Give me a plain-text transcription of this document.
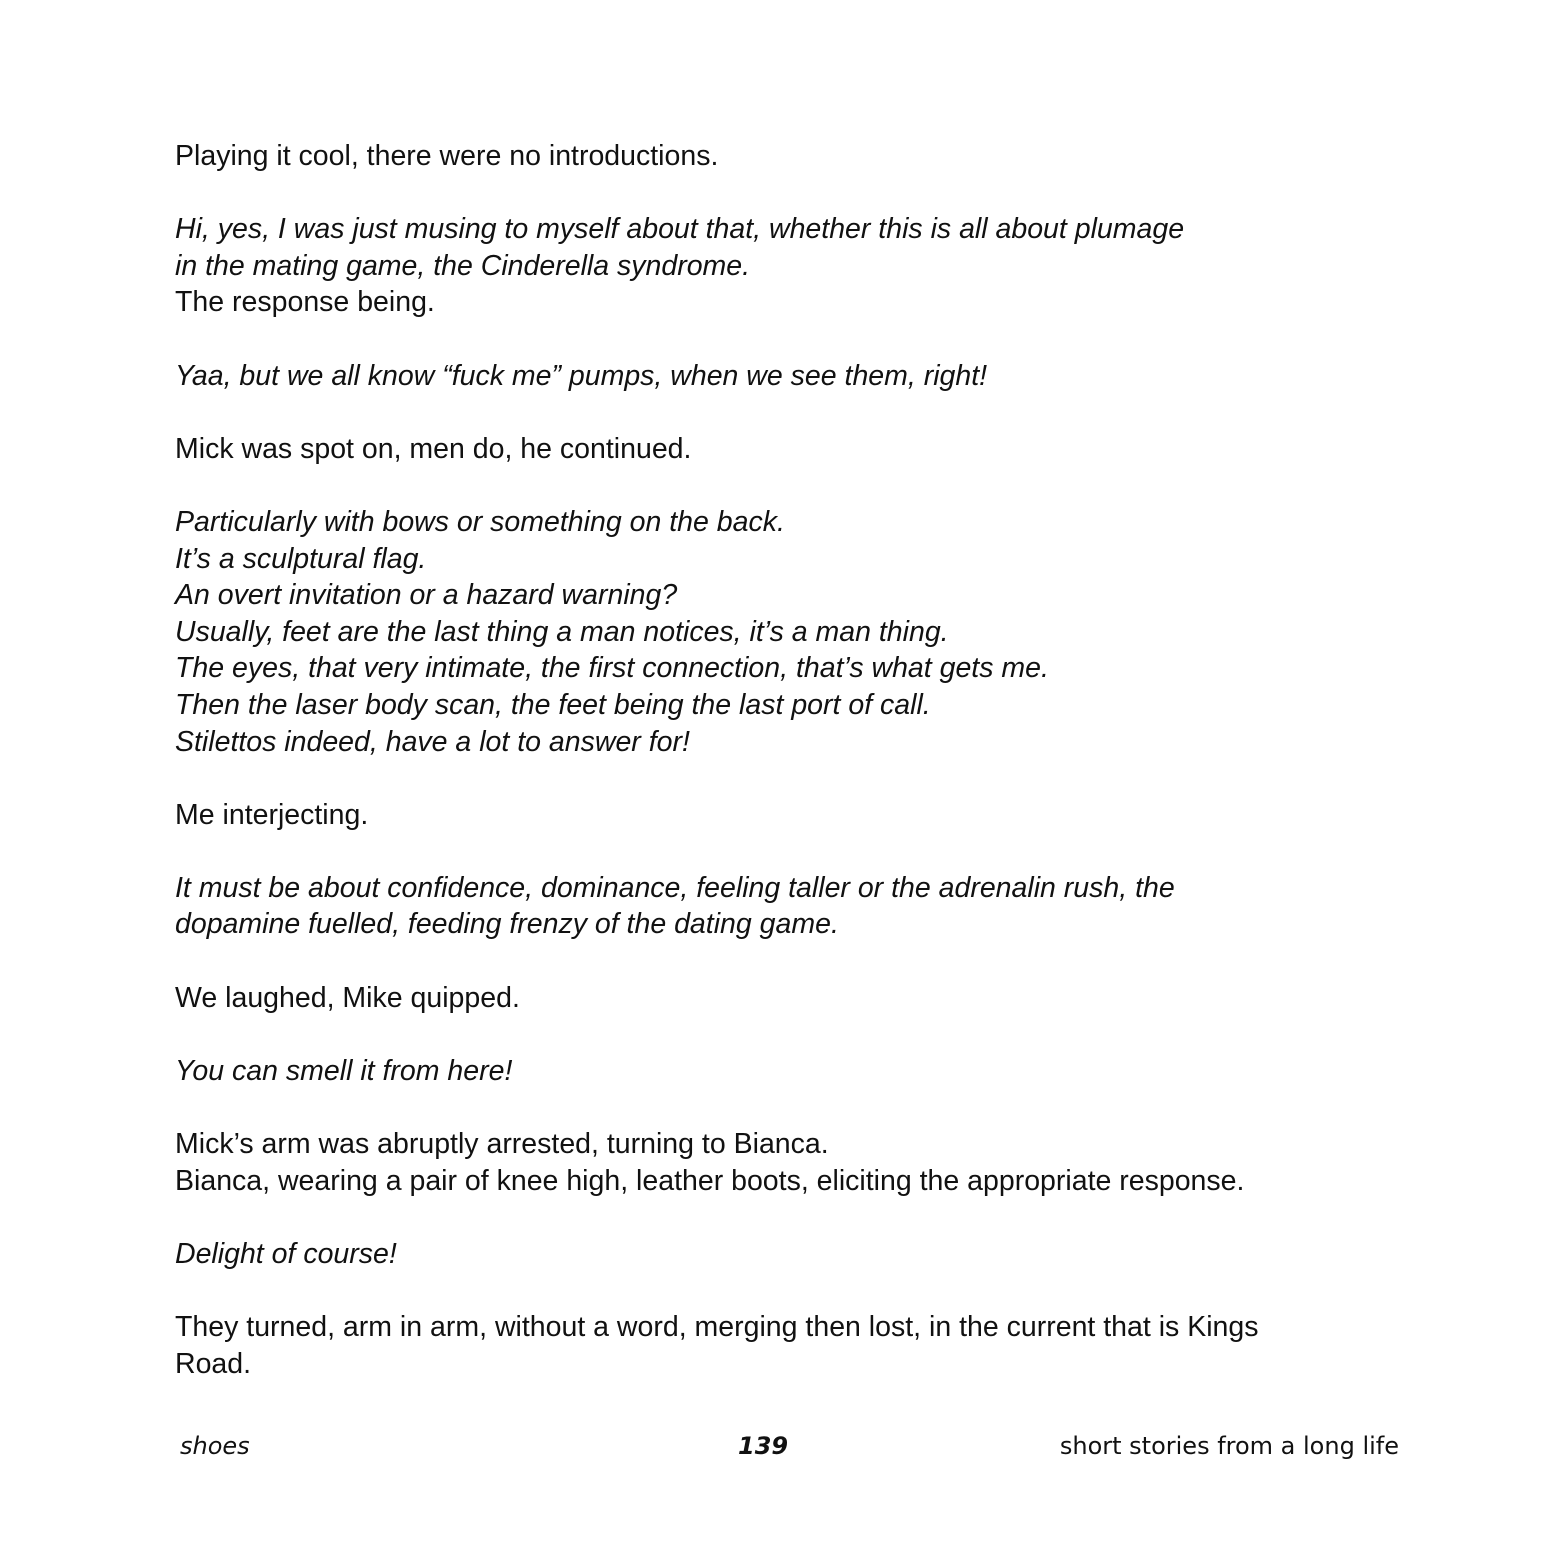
Playing it cool, there were no introductions.
Hi, yes, I was just musing to myself about that, whether this is all about plumage
in the mating game, the Cinderella syndrome.
The response being.
Yaa, but we all know “fuck me” pumps, when we see them, right!
Mick was spot on, men do, he continued.
Particularly with bows or something on the back.
It’s a sculptural flag.
An overt invitation or a hazard warning?
Usually, feet are the last thing a man notices, it’s a man thing.
The eyes, that very intimate, the first connection, that’s what gets me.
Then the laser body scan, the feet being the last port of call.
Stilettos indeed, have a lot to answer for!
Me interjecting.
It must be about confidence, dominance, feeling taller or the adrenalin rush, the
dopamine fuelled, feeding frenzy of the dating game.
We laughed, Mike quipped.
You can smell it from here!
Mick’s arm was abruptly arrested, turning to Bianca.
Bianca, wearing a pair of knee high, leather boots, eliciting the appropriate response.
Delight of course!
They turned, arm in arm, without a word, merging then lost, in the current that is Kings
Road.
shoes	139	short stories from a long life
